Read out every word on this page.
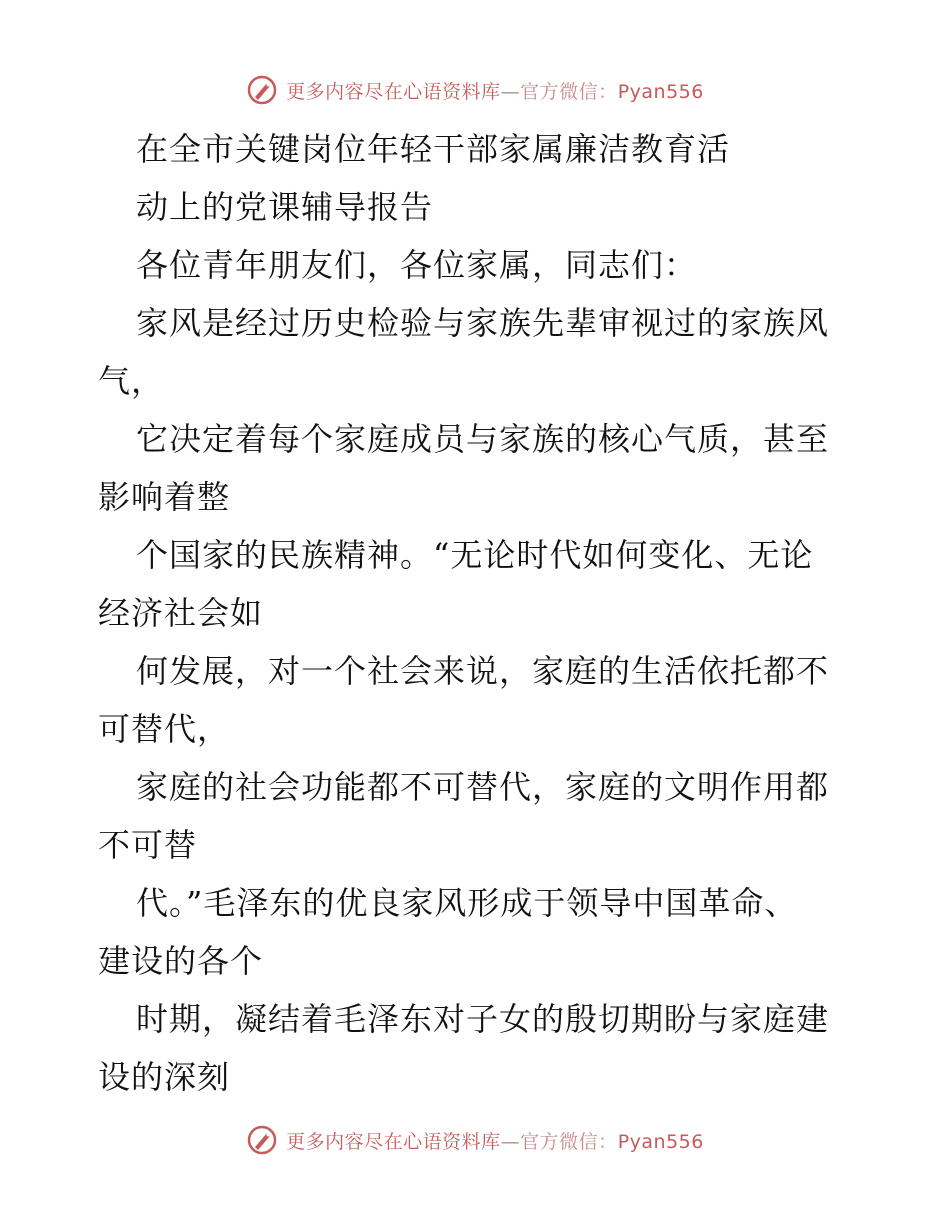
更多内容尽在心语资料库—官方微信：Pyan556
在全市关键岗位年轻干部家属廉洁教育活
动上的党课辅导报告
各位青年朋友们，各位家属，同志们：
家风是经过历史检验与家族先辈审视过的家族风
气，
它决定着每个家庭成员与家族的核心气质，甚至
影响着整
个国家的民族精神。“无论时代如何变化、无论
经济社会如
何发展，对一个社会来说，家庭的生活依托都不
可替代，
家庭的社会功能都不可替代，家庭的文明作用都
不可替
代。”毛泽东的优良家风形成于领导中国革命、
建设的各个
时期，凝结着毛泽东对子女的殷切期盼与家庭建
设的深刻
更多内容尽在心语资料库—官方微信：Pyan556
